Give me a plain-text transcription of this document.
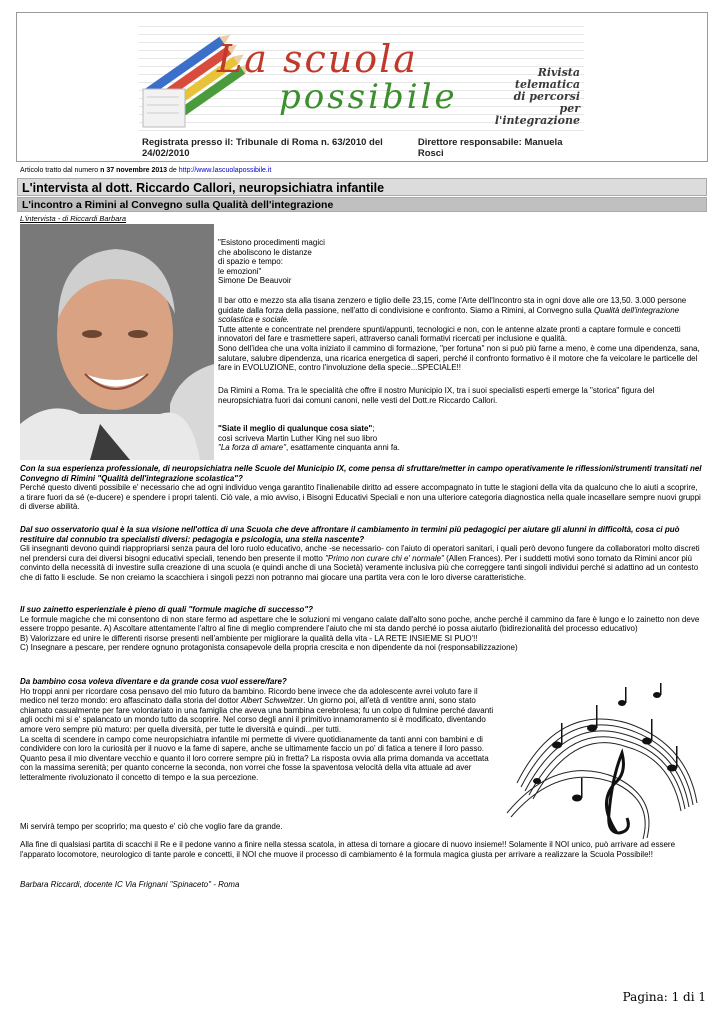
La scuola
possibile
Rivista
telematica
di percorsi
per l'integrazione
Registrata presso il: Tribunale di Roma n. 63/2010 del 24/02/2010
Direttore responsabile: Manuela Rosci
Articolo tratto dal numero n 37 novembre 2013 de http://www.lascuolapossibile.it
L'intervista al dott. Riccardo Callori, neuropsichiatra infantile
L'incontro a Rimini al Convegno sulla Qualità dell'integrazione
L'intervista - di Riccardi Barbara
"Esistono procedimenti magici
che aboliscono le distanze
di spazio e tempo:
le emozioni"
Simone De Beauvoir

Il bar otto e mezzo sta alla tisana zenzero e tiglio delle 23,15, come l'Arte dell'Incontro sta in ogni dove alle ore 13,50. 3.000 persone guidate dalla forza della passione, nell'atto di condivisione e confronto. Siamo a Rimini, al Convegno sulla Qualità dell'integrazione scolastica e sociale.

Tutte attente e concentrate nel prendere spunti/appunti, tecnologici e non, con le antenne alzate pronti a captare formule e concetti innovatori del fare e trasmettere saperi, attraverso canali formativi ricercati per inclusione e qualità.

Sono dell'idea che una volta iniziato il cammino di formazione, "per fortuna" non si può più farne a meno, è come una dipendenza, sana, salutare, salubre dipendenza, una ricarica energetica di saperi, perché il confronto formativo è il motore che fa veicolare le particelle del fare in EVOLUZIONE, contro l'involuzione della specie...SPECIALE!!

Da Rimini a Roma. Tra le specialità che offre il nostro Municipio IX, tra i suoi specialisti esperti emerge la "storica" figura del neuropsichiatra fuori dai comuni canoni, nelle vesti del Dott.re Riccardo Callori.
"Siate il meglio di qualunque cosa siate";
così scriveva Martin Luther King nel suo libro
"La forza di amare", esattamente cinquanta anni fa.

Con la sua esperienza professionale, di neuropsichiatra nelle Scuole del Municipio IX, come pensa di sfruttare/metter in campo operativamente le riflessioni/strumenti transitati nel Convegno di Rimini "Qualità dell'integrazione scolastica"?

Perché questo diventi possibile e' necessario che ad ogni individuo venga garantito l'inalienabile diritto ad essere accompagnato in tutte le stagioni della vita da qualcuno che lo aiuti a scoprire, a tirare fuori da sé (e-ducere) e spendere i propri talenti. Ciò vale, a mio avviso, i Bisogni Educativi Speciali e non una ulteriore categoria diagnostica nella quale incasellare sempre nuovi gruppi di diverse abilità.

Dal suo osservatorio qual è la sua visione nell'ottica di una Scuola che deve affrontare il cambiamento in termini più pedagogici per aiutare gli alunni in difficoltà, cosa ci può restituire dal connubio tra specialisti diversi: pedagogia e psicologia, una stella nascente?

Gli insegnanti devono quindi riappropriarsi senza paura del loro ruolo educativo, anche -se necessario- con l'aiuto di operatori sanitari, i quali però devono fungere da collaboratori molto discreti nel prendersi cura dei diversi bisogni educativi speciali, tenendo ben presente il motto "Primo non curare chi e' normale" (Allen Frances). Per i suddetti motivi sono tornato da Rimini ancor più convinto della necessità di investire sulla creazione di una scuola (e quindi anche di una Società) veramente inclusiva più che correggere tanti singoli individui perché si adattino ad un contesto che di fatto li esclude. Se non creiamo la scacchiera i singoli pezzi non potranno mai giocare una partita vera con le loro diverse caratteristiche.

Il suo zainetto esperienziale è pieno di quali "formule magiche di successo"?

Le formule magiche che mi consentono di non stare fermo ad aspettare che le soluzioni mi vengano calate dall'alto sono poche, anche perché il cammino da fare è lungo e lo zainetto non deve essere troppo pesante. A) Ascoltare attentamente l'altro al fine di meglio comprendere l'aiuto che mi sta dando perché io possa aiutarlo (bidirezionalità del processo educativo)

B) Valorizzare ed unire le differenti risorse presenti nell'ambiente per migliorare la qualità della vita - LA RETE INSIEME SI PUO'!!

C) Insegnare a pescare, per rendere ognuno protagonista consapevole della propria crescita e non dipendente da noi (responsabilizzazione)

Da bambino cosa voleva diventare e da grande cosa vuol essere/fare?

Ho troppi anni per ricordare cosa pensavo del mio futuro da bambino. Ricordo bene invece che da adolescente avrei voluto fare il medico nel terzo mondo: ero affascinato dalla storia del dottor Albert Schweitzer. Un giorno poi, all'età di ventitre anni, sono stato chiamato casualmente per fare volontariato in una famiglia che aveva una bambina cerebrolesa; fu un colpo di fulmine perché davanti agli occhi mi si e' spalancato un mondo tutto da scoprire. Nel corso degli anni il primitivo innamoramento si è modificato, diventando amore vero sempre più maturo: per quella diversità, per tutte le diversità e quindi...per tutti.

La scelta di scendere in campo come neuropsichiatra infantile mi permette di vivere quotidianamente da tanti anni con bambini e di condividere con loro la curiosità per il nuovo e la fame di sapere, anche se ultimamente faccio un po' di fatica a tenere il loro passo. Quanto pesa il mio diventare vecchio e quanto il loro correre sempre più in fretta? La risposta ovvia alla prima domanda va accettata con la massima serenità; per quanto concerne la seconda, non vorrei che fosse la spaventosa velocità della vita attuale ad aver letteralmente rivoluzionato il concetto di tempo e la sua percezione.

Mi servirà tempo per scoprirlo; ma questo e' ciò che voglio fare da grande.
Alla fine di qualsiasi partita di scacchi il Re e il pedone vanno a finire nella stessa scatola, in attesa di tornare a giocare di nuovo insieme!! Solamente il NOI unico, può arrivare ad essere l'apparato locomotore, neurologico di tante parole e concetti, il NOI che muove il processo di cambiamento è la formula magica giusta per arrivare a realizzare la Scuola Possibile!!
Barbara Riccardi, docente IC Via Frignani "Spinaceto" - Roma
Pagina: 1 di 1
